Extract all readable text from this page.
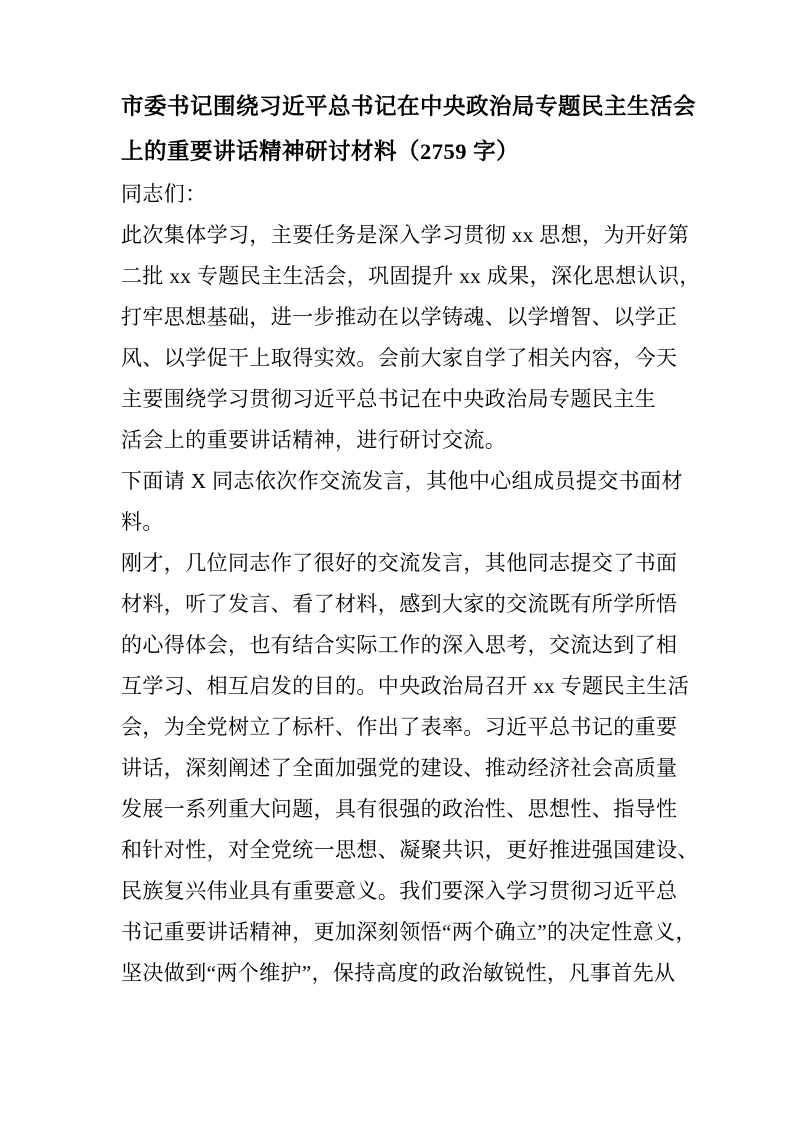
市委书记围绕习近平总书记在中央政治局专题民主生活会
上的重要讲话精神研讨材料（2759 字）
同志们：
此次集体学习，主要任务是深入学习贯彻 xx 思想，为开好第
二批 xx 专题民主生活会，巩固提升 xx 成果，深化思想认识，
打牢思想基础，进一步推动在以学铸魂、以学增智、以学正
风、以学促干上取得实效。会前大家自学了相关内容，今天
主要围绕学习贯彻习近平总书记在中央政治局专题民主生
活会上的重要讲话精神，进行研讨交流。
下面请 X 同志依次作交流发言，其他中心组成员提交书面材
料。
刚才，几位同志作了很好的交流发言，其他同志提交了书面
材料，听了发言、看了材料，感到大家的交流既有所学所悟
的心得体会，也有结合实际工作的深入思考，交流达到了相
互学习、相互启发的目的。中央政治局召开 xx 专题民主生活
会，为全党树立了标杆、作出了表率。习近平总书记的重要
讲话，深刻阐述了全面加强党的建设、推动经济社会高质量
发展一系列重大问题，具有很强的政治性、思想性、指导性
和针对性，对全党统一思想、凝聚共识，更好推进强国建设、
民族复兴伟业具有重要意义。我们要深入学习贯彻习近平总
书记重要讲话精神，更加深刻领悟“两个确立”的决定性意义，
坚决做到“两个维护”，保持高度的政治敏锐性，凡事首先从
